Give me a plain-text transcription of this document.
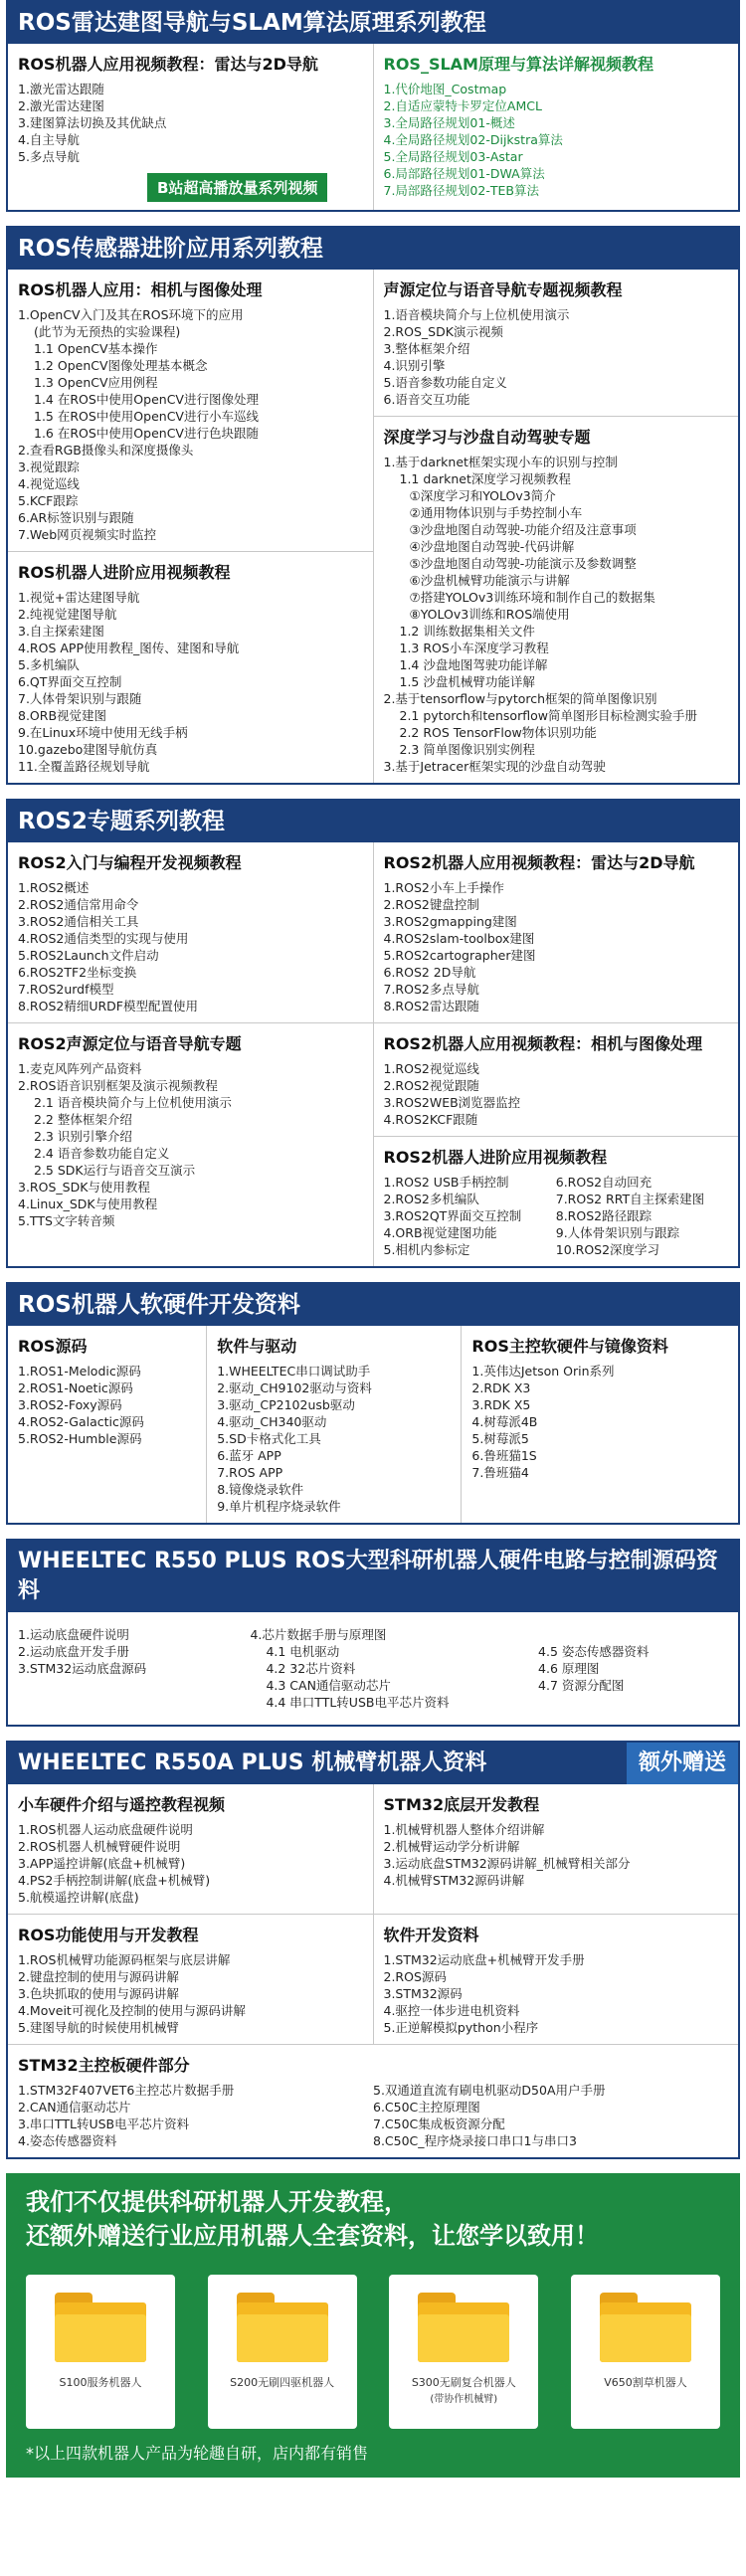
ROS雷达建图导航与SLAM算法原理系列教程
ROS机器人应用视频教程：雷达与2D导航
1.激光雷达跟随
2.激光雷达建图
3.建图算法切换及其优缺点
4.自主导航
5.多点导航
B站超高播放量系列视频
ROS_SLAM原理与算法详解视频教程
1.代价地图_Costmap
2.自适应蒙特卡罗定位AMCL
3.全局路径规划01-概述
4.全局路径规划02-Dijkstra算法
5.全局路径规划03-Astar
6.局部路径规划01-DWA算法
7.局部路径规划02-TEB算法
ROS传感器进阶应用系列教程
ROS机器人应用：相机与图像处理
1.OpenCV入门及其在ROS环境下的应用
(此节为无预热的实验课程)
1.1 OpenCV基本操作
1.2 OpenCV图像处理基本概念
1.3 OpenCV应用例程
1.4 在ROS中使用OpenCV进行图像处理
1.5 在ROS中使用OpenCV进行小车巡线
1.6 在ROS中使用OpenCV进行色块跟随
2.查看RGB摄像头和深度摄像头
3.视觉跟踪
4.视觉巡线
5.KCF跟踪
6.AR标签识别与跟随
7.Web网页视频实时监控
ROS机器人进阶应用视频教程
1.视觉+雷达建图导航
2.纯视觉建图导航
3.自主探索建图
4.ROS APP使用教程_图传、建图和导航
5.多机编队
6.QT界面交互控制
7.人体骨架识别与跟随
8.ORB视觉建图
9.在Linux环境中使用无线手柄
10.gazebo建图导航仿真
11.全覆盖路径规划导航
声源定位与语音导航专题视频教程
1.语音模块简介与上位机使用演示
2.ROS_SDK演示视频
3.整体框架介绍
4.识别引擎
5.语音参数功能自定义
6.语音交互功能
深度学习与沙盘自动驾驶专题
1.基于darknet框架实现小车的识别与控制
1.1 darknet深度学习视频教程
①深度学习和YOLOv3简介
②通用物体识别与手势控制小车
③沙盘地图自动驾驶-功能介绍及注意事项
④沙盘地图自动驾驶-代码讲解
⑤沙盘地图自动驾驶-功能演示及参数调整
⑥沙盘机械臂功能演示与讲解
⑦搭建YOLOv3训练环境和制作自己的数据集
⑧YOLOv3训练和ROS端使用
1.2 训练数据集相关文件
1.3 ROS小车深度学习教程
1.4 沙盘地图驾驶功能详解
1.5 沙盘机械臂功能详解
2.基于tensorflow与pytorch框架的简单图像识别
2.1 pytorch和tensorflow简单图形目标检测实验手册
2.2 ROS TensorFlow物体识别功能
2.3 简单图像识别实例程
3.基于Jetracer框架实现的沙盘自动驾驶
ROS2专题系列教程
ROS2入门与编程开发视频教程
1.ROS2概述
2.ROS2通信常用命令
3.ROS2通信相关工具
4.ROS2通信类型的实现与使用
5.ROS2Launch文件启动
6.ROS2TF2坐标变换
7.ROS2urdf模型
8.ROS2精细URDF模型配置使用
ROS2声源定位与语音导航专题
1.麦克风阵列产品资料
2.ROS语音识别框架及演示视频教程
2.1 语音模块简介与上位机使用演示
2.2 整体框架介绍
2.3 识别引擎介绍
2.4 语音参数功能自定义
2.5 SDK运行与语音交互演示
3.ROS_SDK与使用教程
4.Linux_SDK与使用教程
5.TTS文字转音频
ROS2机器人应用视频教程：雷达与2D导航
1.ROS2小车上手操作
2.ROS2键盘控制
3.ROS2gmapping建图
4.ROS2slam-toolbox建图
5.ROS2cartographer建图
6.ROS2 2D导航
7.ROS2多点导航
8.ROS2雷达跟随
ROS2机器人应用视频教程：相机与图像处理
1.ROS2视觉巡线
2.ROS2视觉跟随
3.ROS2WEB浏览器监控
4.ROS2KCF跟随
ROS2机器人进阶应用视频教程
1.ROS2 USB手柄控制
2.ROS2多机编队
3.ROS2QT界面交互控制
4.ORB视觉建图功能
5.相机内参标定
6.ROS2自动回充
7.ROS2 RRT自主探索建图
8.ROS2路径跟踪
9.人体骨架识别与跟踪
10.ROS2深度学习
ROS机器人软硬件开发资料
ROS源码
1.ROS1-Melodic源码
2.ROS1-Noetic源码
3.ROS2-Foxy源码
4.ROS2-Galactic源码
5.ROS2-Humble源码
软件与驱动
1.WHEELTEC串口调试助手
2.驱动_CH9102驱动与资料
3.驱动_CP2102usb驱动
4.驱动_CH340驱动
5.SD卡格式化工具
6.蓝牙 APP
7.ROS APP
8.镜像烧录软件
9.单片机程序烧录软件
ROS主控软硬件与镜像资料
1.英伟达Jetson Orin系列
2.RDK X3
3.RDK X5
4.树莓派4B
5.树莓派5
6.鲁班猫1S
7.鲁班猫4
WHEELTEC R550 PLUS ROS大型科研机器人硬件电路与控制源码资料
1.运动底盘硬件说明
2.运动底盘开发手册
3.STM32运动底盘源码
4.芯片数据手册与原理图
4.1 电机驱动
4.2 32芯片资料
4.3 CAN通信驱动芯片
4.4 串口TTL转USB电平芯片资料
4.5 姿态传感器资料
4.6 原理图
4.7 资源分配图
WHEELTEC R550A PLUS 机械臂机器人资料	额外赠送
小车硬件介绍与遥控教程视频
1.ROS机器人运动底盘硬件说明
2.ROS机器人机械臂硬件说明
3.APP遥控讲解(底盘+机械臂)
4.PS2手柄控制讲解(底盘+机械臂)
5.航模遥控讲解(底盘)
STM32底层开发教程
1.机械臂机器人整体介绍讲解
2.机械臂运动学分析讲解
3.运动底盘STM32源码讲解_机械臂相关部分
4.机械臂STM32源码讲解
ROS功能使用与开发教程
1.ROS机械臂功能源码框架与底层讲解
2.键盘控制的使用与源码讲解
3.色块抓取的使用与源码讲解
4.Moveit可视化及控制的使用与源码讲解
5.建图导航的时候使用机械臂
软件开发资料
1.STM32运动底盘+机械臂开发手册
2.ROS源码
3.STM32源码
4.驱控一体步进电机资料
5.正逆解模拟python小程序
STM32主控板硬件部分
1.STM32F407VET6主控芯片数据手册
2.CAN通信驱动芯片
3.串口TTL转USB电平芯片资料
4.姿态传感器资料
5.双通道直流有刷电机驱动D50A用户手册
6.C50C主控原理图
7.C50C集成板资源分配
8.C50C_程序烧录接口串口1与串口3
我们不仅提供科研机器人开发教程，
还额外赠送行业应用机器人全套资料，让您学以致用！
S100服务机器人	S200无刷四驱机器人	S300无刷复合机器人
(带协作机械臂)
V650割草机器人
*以上四款机器人产品为轮趣自研，店内都有销售
